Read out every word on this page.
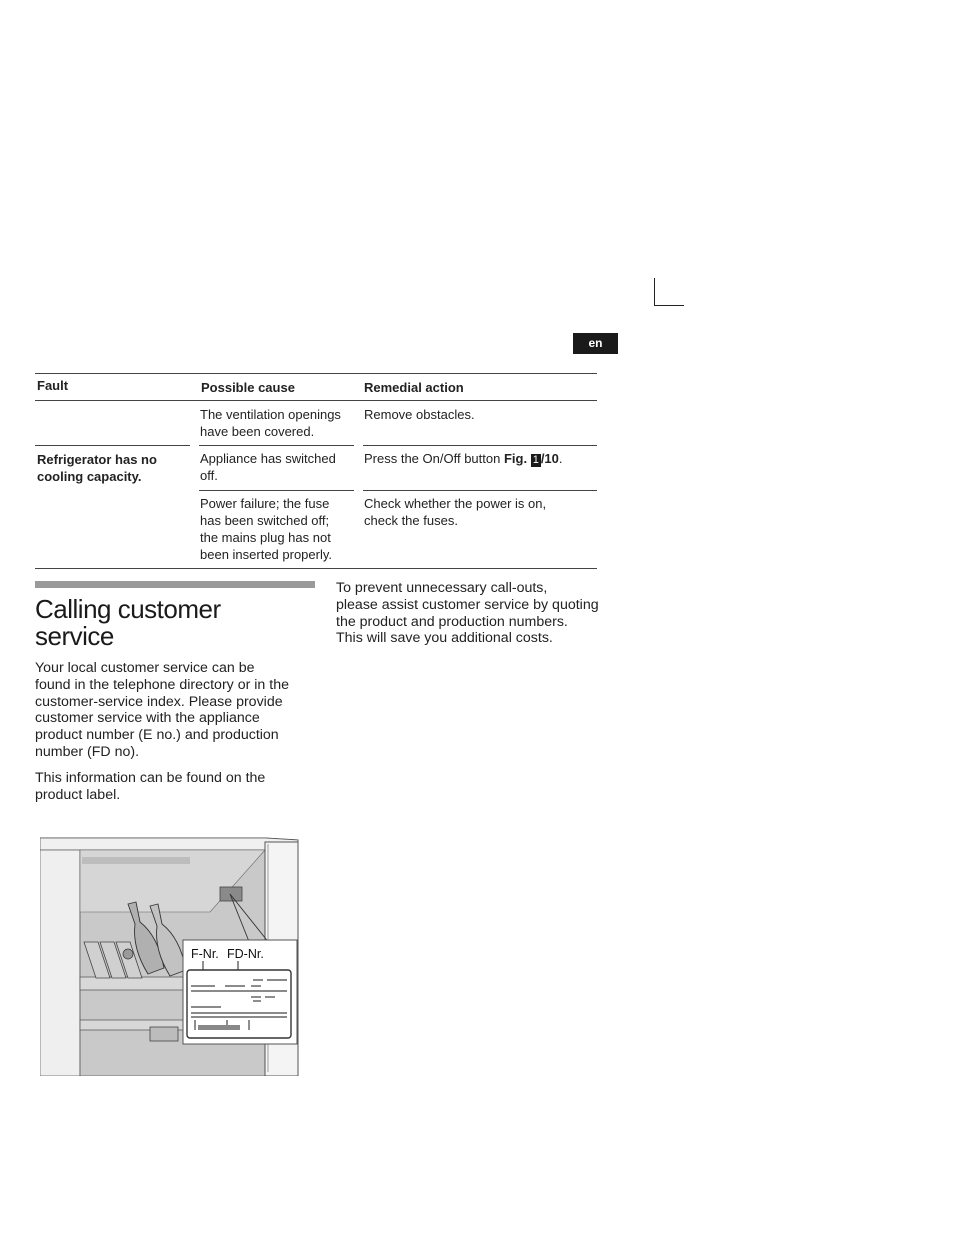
en
Fault	Possible cause	Remedial action
Refrigerator has no
cooling capacity.
The ventilation openings
have been covered.
Remove obstacles.
Appliance has switched
off.
Press the On/Off button Fig. 1 /10.
Power failure; the fuse
has been switched off;
the mains plug has not
been inserted properly.
Check whether the power is on,
check the fuses.
Calling customer
service
Your local customer service can be
found in the telephone directory or in the
customer-service index. Please provide
customer service with the appliance
product number (E no.) and production
number (FD no).
This information can be found on the
product label.
To prevent unnecessary call-outs,
please assist customer service by quoting
the product and production numbers.
This will save you additional costs.
F-Nr. FD-Nr.
